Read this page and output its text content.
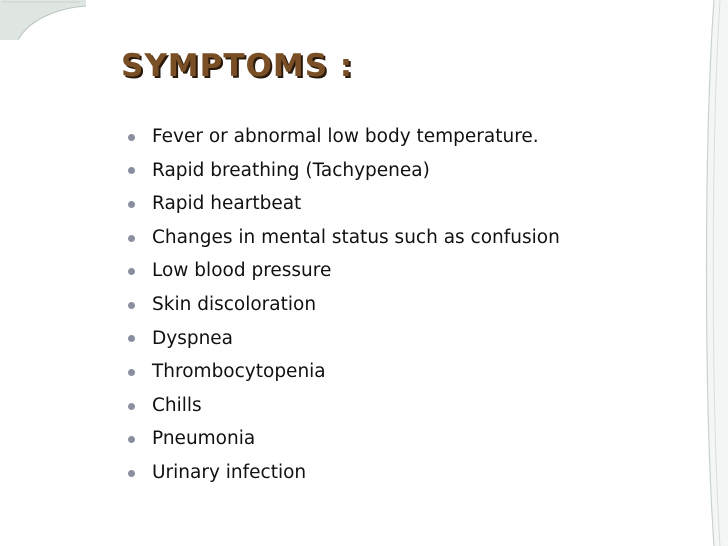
SYMPTOMS :
Fever or abnormal low body temperature.
Rapid breathing (Tachypenea)
Rapid heartbeat
Changes in mental status such as confusion
Low blood pressure
Skin discoloration
Dyspnea
Thrombocytopenia
Chills
Pneumonia
Urinary infection
